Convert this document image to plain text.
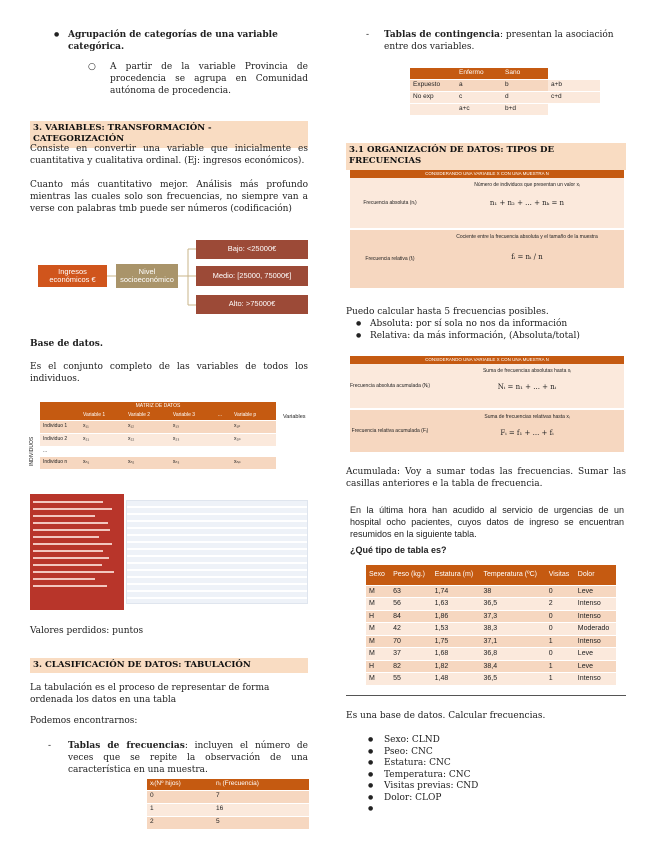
● Agrupación de categorías de una variable categórica.
○ A partir de la variable Provincia de procedencia se agrupa en Comunidad autónoma de procedencia.

3. VARIABLES: TRANSFORMACIÓN - CATEGORIZACIÓN

Consiste en convertir una variable que inicialmente es cuantitativa y cualitativa ordinal. (Ej: ingresos económicos).

Cuanto más cuantitativo mejor. Análisis más profundo mientras las cuales solo son frecuencias, no siempre van a verse con palabras tmb puede ser números (codificación)

Ingresos económicos €
Nivel socioeconómico
Bajo: <25000€
Medio: [25000, 75000€]
Alto: >75000€

Base de datos.

Es el conjunto completo de las variables de todos los individuos.

INDIVIDUOS
Variables
MATRIZ DE DATOS
	Variable 1	Variable 2	Variable 3	...	Variable p
Individuo 1	x₁₁	x₁₂	x₁₃		x₁ₚ
Individuo 2	x₂₁	x₂₂	x₂₃		x₂ₚ
...					
Individuo n	xₙ₁	xₙ₂	xₙ₃		xₙₚ

Valores perdidos: puntos

3. CLASIFICACIÓN DE DATOS: TABULACIÓN

La tabulación es el proceso de representar de forma ordenada los datos en una tabla

Podemos encontrarnos:

- Tablas de frecuencias: incluyen el número de veces que se repite la observación de una característica en una muestra.

xᵢ(Nº hijos)	nᵢ (Frecuencia)
0	7
1	16
2	5
- Tablas de contingencia: presentan la asociación entre dos variables.

	Enfermo	Sano	
Expuesto	a	b	a+b
No exp	c	d	c+d
	a+c	b+d	
3.1 ORGANIZACIÓN DE DATOS: TIPOS DE FRECUENCIAS
CONSIDERANDO UNA VARIABLE X CON UNA MUESTRA N
Frecuencia absoluta (nᵢ)
Número de individuos que presentan un valor xᵢ
n₁ + n₂ + ... + nₖ = n
Frecuencia relativa (fᵢ)
Cociente entre la frecuencia absoluta y el tamaño de la muestra
fᵢ = nᵢ / n

Puedo calcular hasta 5 frecuencias posibles.

● Absoluta: por sí sola no nos da información
● Relativa: da más información, (Absoluta/total)
CONSIDERANDO UNA VARIABLE X CON UNA MUESTRA N
Frecuencia absoluta acumulada (Nᵢ)
Suma de frecuencias absolutas hasta xᵢ
Nᵢ = n₁ + ... + nᵢ
Frecuencia relativa acumulada (Fᵢ)
Suma de frecuencias relativas hasta xᵢ
Fᵢ = f₁ + ... + fᵢ

Acumulada: Voy a sumar todas las frecuencias. Sumar las casillas anteriores e la tabla de frecuencia.

En la última hora han acudido al servicio de urgencias de un hospital ocho pacientes, cuyos datos de ingreso se encuentran resumidos en la siguiente tabla.

¿Qué tipo de tabla es?

Sexo	Peso (kg.)	Estatura (m)	Temperatura (ºC)	Visitas	Dolor
M	63	1,74	38	0	Leve
M	56	1,63	36,5	2	Intenso
H	84	1,86	37,3	0	Intenso
M	42	1,53	38,3	0	Moderado
M	70	1,75	37,1	1	Intenso
M	37	1,68	36,8	0	Leve
H	82	1,82	38,4	1	Leve
M	55	1,48	36,5	1	Intenso

Es una base de datos. Calcular frecuencias.

● Sexo: CLND
● Pseo: CNC
● Estatura: CNC
● Temperatura: CNC
● Visitas previas: CND
● Dolor: CLOP
●
